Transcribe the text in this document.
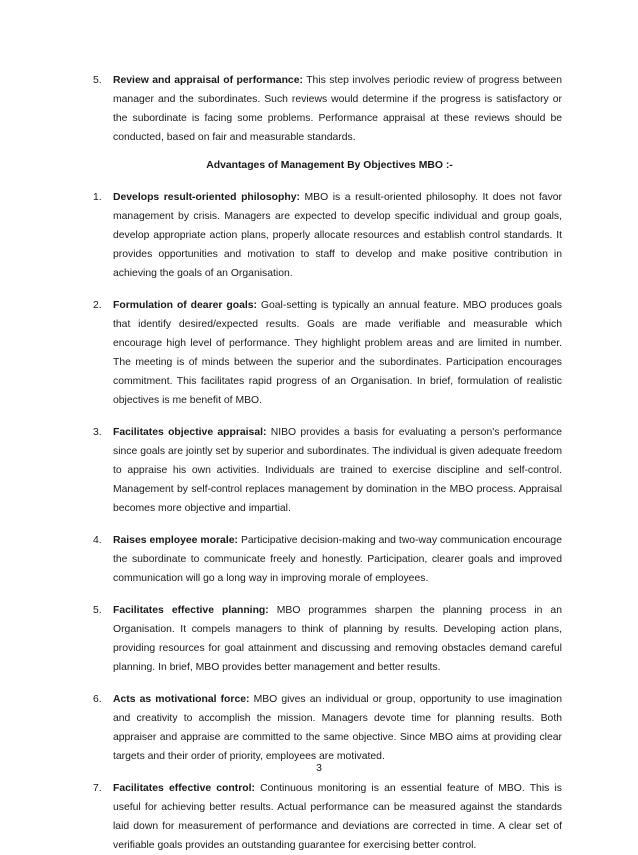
5. Review and appraisal of performance: This step involves periodic review of progress between manager and the subordinates. Such reviews would determine if the progress is satisfactory or the subordinate is facing some problems. Performance appraisal at these reviews should be conducted, based on fair and measurable standards.

Advantages of Management By Objectives MBO :-

1. Develops result-oriented philosophy: MBO is a result-oriented philosophy. It does not favor management by crisis. Managers are expected to develop specific individual and group goals, develop appropriate action plans, properly allocate resources and establish control standards. It provides opportunities and motivation to staff to develop and make positive contribution in achieving the goals of an Organisation.

2. Formulation of dearer goals: Goal-setting is typically an annual feature. MBO produces goals that identify desired/expected results. Goals are made verifiable and measurable which encourage high level of performance. They highlight problem areas and are limited in number. The meeting is of minds between the superior and the subordinates. Participation encourages commitment. This facilitates rapid progress of an Organisation. In brief, formulation of realistic objectives is me benefit of MBO.

3. Facilitates objective appraisal: NIBO provides a basis for evaluating a person's performance since goals are jointly set by superior and subordinates. The individual is given adequate freedom to appraise his own activities. Individuals are trained to exercise discipline and self-control. Management by self-control replaces management by domination in the MBO process. Appraisal becomes more objective and impartial.

4. Raises employee morale: Participative decision-making and two-way communication encourage the subordinate to communicate freely and honestly. Participation, clearer goals and improved communication will go a long way in improving morale of employees.

5. Facilitates effective planning: MBO programmes sharpen the planning process in an Organisation. It compels managers to think of planning by results. Developing action plans, providing resources for goal attainment and discussing and removing obstacles demand careful planning. In brief, MBO provides better management and better results.

6. Acts as motivational force: MBO gives an individual or group, opportunity to use imagination and creativity to accomplish the mission. Managers devote time for planning results. Both appraiser and appraise are committed to the same objective. Since MBO aims at providing clear targets and their order of priority, employees are motivated.

7. Facilitates effective control: Continuous monitoring is an essential feature of MBO. This is useful for achieving better results. Actual performance can be measured against the standards laid down for measurement of performance and deviations are corrected in time. A clear set of verifiable goals provides an outstanding guarantee for exercising better control.

3
